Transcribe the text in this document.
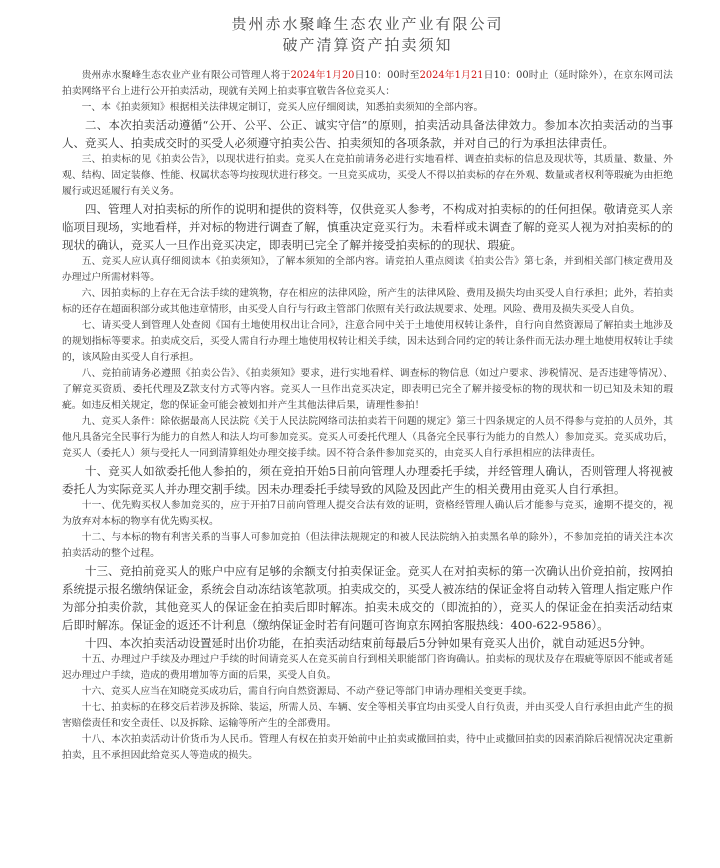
贵州赤水聚峰生态农业产业有限公司
破产清算资产拍卖须知

贵州赤水聚峰生态农业产业有限公司管理人将于2024年1月20日10：00时至2024年1月21日10：00时止（延时除外），在京东网司法拍卖网络平台上进行公开拍卖活动，现就有关网上拍卖事宜敬告各位竞买人：

一、本《拍卖须知》根据相关法律规定制订，竞买人应仔细阅读，知悉拍卖须知的全部内容。

二、本次拍卖活动遵循“公开、公平、公正、诚实守信”的原则，拍卖活动具备法律效力。参加本次拍卖活动的当事人、竞买人、拍卖成交时的买受人必须遵守拍卖公告、拍卖须知的各项条款，并对自己的行为承担法律责任。

三、拍卖标的见《拍卖公告》，以现状进行拍卖。竞买人在竞拍前请务必进行实地看样、调查拍卖标的信息及现状等，其质量、数量、外观、结构、固定装修、性能、权属状态等均按现状进行移交。一旦竞买成功，买受人不得以拍卖标的存在外观、数量或者权利等瑕疵为由拒绝履行或迟延履行有关义务。

四、管理人对拍卖标的所作的说明和提供的资料等，仅供竞买人参考，不构成对拍卖标的的任何担保。敬请竞买人亲临项目现场，实地看样，并对标的物进行调查了解，慎重决定竞买行为。未看样或未调查了解的竞买人视为对拍卖标的的现状的确认，竞买人一旦作出竞买决定，即表明已完全了解并接受拍卖标的的现状、瑕疵。

五、竞买人应认真仔细阅读本《拍卖须知》，了解本须知的全部内容。请竞拍人重点阅读《拍卖公告》第七条，并到相关部门核定费用及办理过户所需材料等。

六、因拍卖标的上存在无合法手续的建筑物，存在相应的法律风险，所产生的法律风险、费用及损失均由买受人自行承担；此外，若拍卖标的还存在超面积部分或其他违章情形，由买受人自行与行政主管部门依照有关行政法规要求、处理。风险、费用及损失买受人自负。

七、请买受人到管理人处查阅《国有土地使用权出让合同》，注意合同中关于土地使用权转让条件，自行向自然资源局了解拍卖土地涉及的规划指标等要求。拍卖成交后，买受人需自行办理土地使用权转让相关手续，因未达到合同约定的转让条件而无法办理土地使用权转让手续的，该风险由买受人自行承担。

八、竞拍前请务必遵照《拍卖公告》、《拍卖须知》要求，进行实地看样、调查标的物信息（如过户要求、涉税情况、是否违建等情况）、了解竞买资质、委托代理及Z款支付方式等内容。竞买人一旦作出竞买决定，即表明已完全了解并接受标的物的现状和一切已知及未知的瑕疵。如违反相关规定，您的保证金可能会被划扣并产生其他法律后果，请理性参拍！

九、竞买人条件：除依据最高人民法院《关于人民法院网络司法拍卖若干问题的规定》第三十四条规定的人员不得参与竞拍的人员外，其他凡具备完全民事行为能力的自然人和法人均可参加竞买。竞买人可委托代理人（具备完全民事行为能力的自然人）参加竞买。竞买成功后，竞买人（委托人）须与受托人一同到清算组处办理交接手续。因不符合条件参加竞买的，由竞买人自行承担相应的法律责任。

十、竞买人如欲委托他人参拍的，须在竞拍开始5日前向管理人办理委托手续，并经管理人确认，否则管理人将视被委托人为实际竞买人并办理交割手续。因未办理委托手续导致的风险及因此产生的相关费用由竞买人自行承担。

十一、优先购买权人参加竞买的，应于开拍7日前向管理人提交合法有效的证明，资格经管理人确认后才能参与竞买，逾期不提交的，视为放弃对本标的物享有优先购买权。

十二、与本标的物有利害关系的当事人可参加竞拍（但法律法规规定的和被人民法院纳入拍卖黑名单的除外），不参加竞拍的请关注本次拍卖活动的整个过程。

十三、竞拍前竞买人的账户中应有足够的余额支付拍卖保证金。竞买人在对拍卖标的第一次确认出价竞拍前，按网拍系统提示报名缴纳保证金，系统会自动冻结该笔款项。拍卖成交的，买受人被冻结的保证金将自动转入管理人指定账户作为部分拍卖价款，其他竞买人的保证金在拍卖后即时解冻。拍卖未成交的（即流拍的），竞买人的保证金在拍卖活动结束后即时解冻。保证金的返还不计利息（缴纳保证金时若有问题可咨询京东网拍客服热线：400-622-9586）。

十四、本次拍卖活动设置延时出价功能，在拍卖活动结束前每最后5分钟如果有竞买人出价，就自动延迟5分钟。

十五、办理过户手续及办理过户手续的时间请竞买人在竞买前自行到相关职能部门咨询确认。拍卖标的现状及存在瑕疵等原因不能或者延迟办理过户手续，造成的费用增加等方面的后果，买受人自负。

十六、竞买人应当在知晓竞买成功后，需自行向自然资源局、不动产登记等部门申请办理相关变更手续。

十七、拍卖标的在移交后若涉及拆除、装运，所需人员、车辆、安全等相关事宜均由买受人自行负责，并由买受人自行承担由此产生的损害赔偿责任和安全责任、以及拆除、运输等所产生的全部费用。

十八、本次拍卖活动计价货币为人民币。管理人有权在拍卖开始前中止拍卖或撤回拍卖，待中止或撤回拍卖的因素消除后视情况决定重新拍卖，且不承担因此给竞买人等造成的损失。
